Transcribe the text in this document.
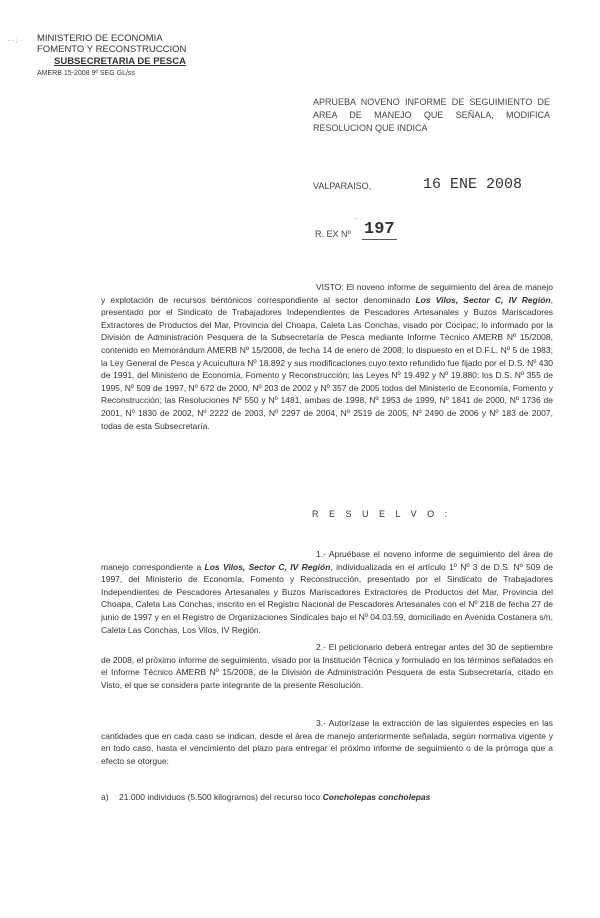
- · ;· · MINISTERIO DE ECONOMIA
FOMENTO Y RECONSTRUCCION
SUBSECRETARIA DE PESCA
AMERB 15-2008 9ª SEG GL/ss
APRUEBA NOVENO INFORME DE SEGUIMIENTO DE AREA DE MANEJO QUE SEÑALA, MODIFICA RESOLUCION QUE INDICA
VALPARAISO,	16 ENE 2008
- - -
R. EX Nº 197
VISTO: El noveno informe de seguimiento del área de manejo y explotación de recursos bentónicos correspondiente al sector denominado Los Vilos, Sector C, IV Región, presentado por el Sindicato de Trabajadores Independientes de Pescadores Artesanales y Buzos Mariscadores Extractores de Productos del Mar, Provincia del Choapa, Caleta Las Conchas, visado por Cocipac; lo informado por la División de Administración Pesquera de la Subsecretaría de Pesca mediante Informe Técnico AMERB Nº 15/2008, contenido en Memorándum AMERB Nº 15/2008, de fecha 14 de enero de 2008; lo dispuesto en el D.F.L. Nº 5 de 1983; la Ley General de Pesca y Acuicultura Nº 18.892 y sus modificaciones cuyo texto refundido fue fijado por el D.S. Nº 430 de 1991, del Ministerio de Economía, Fomento y Reconstrucción; las Leyes Nº 19.492 y Nº 19.880; los D.S. Nº 355 de 1995, Nº 509 de 1997, Nº 672 de 2000, Nº 203 de 2002 y Nº 357 de 2005 todos del Ministerio de Economía, Fomento y Reconstrucción; las Resoluciones Nº 550 y Nº 1481, ambas de 1998, Nº 1953 de 1999, Nº 1841 de 2000, Nº 1736 de 2001, Nº 1830 de 2002, Nº 2222 de 2003, Nº 2297 de 2004, Nº 2519 de 2005, Nº 2490 de 2006 y Nº 183 de 2007, todas de esta Subsecretaría.
R E S U E L V O :
1.- Apruébase el noveno informe de seguimiento del área de manejo correspondiente a Los Vilos, Sector C, IV Región, individualizada en el artículo 1º Nº 3 de D.S. Nº 509 de 1997, del Ministerio de Economía, Fomento y Reconstrucción, presentado por el Sindicato de Trabajadores Independientes de Pescadores Artesanales y Buzos Mariscadores Extractores de Productos del Mar, Provincia del Choapa, Caleta Las Conchas, inscrito en el Registro Nacional de Pescadores Artesanales con el Nº 218 de fecha 27 de junio de 1997 y en el Registro de Organizaciones Sindicales bajo el Nº 04.03.59, domiciliado en Avenida Costanera s/n, Caleta Las Conchas, Los Vilos, IV Región.
2.- El peticionario deberá entregar antes del 30 de septiembre de 2008, el próximo informe de seguimiento, visado por la Institución Técnica y formulado en los términos señalados en el Informe Técnico AMERB Nº 15/2008, de la División de Administración Pesquera de esta Subsecretaría, citado en Visto, el que se considera parte integrante de la presente Resolución.
3.- Autorízase la extracción de las siguientes especies en las cantidades que en cada caso se indican, desde el área de manejo anteriormente señalada, según normativa vigente y en todo caso, hasta el vencimiento del plazo para entregar el próximo informe de seguimiento o de la prórroga que a efecto se otorgue:
a) 21.000 individuos (5.500 kilogramos) del recurso loco Concholepas concholepas
